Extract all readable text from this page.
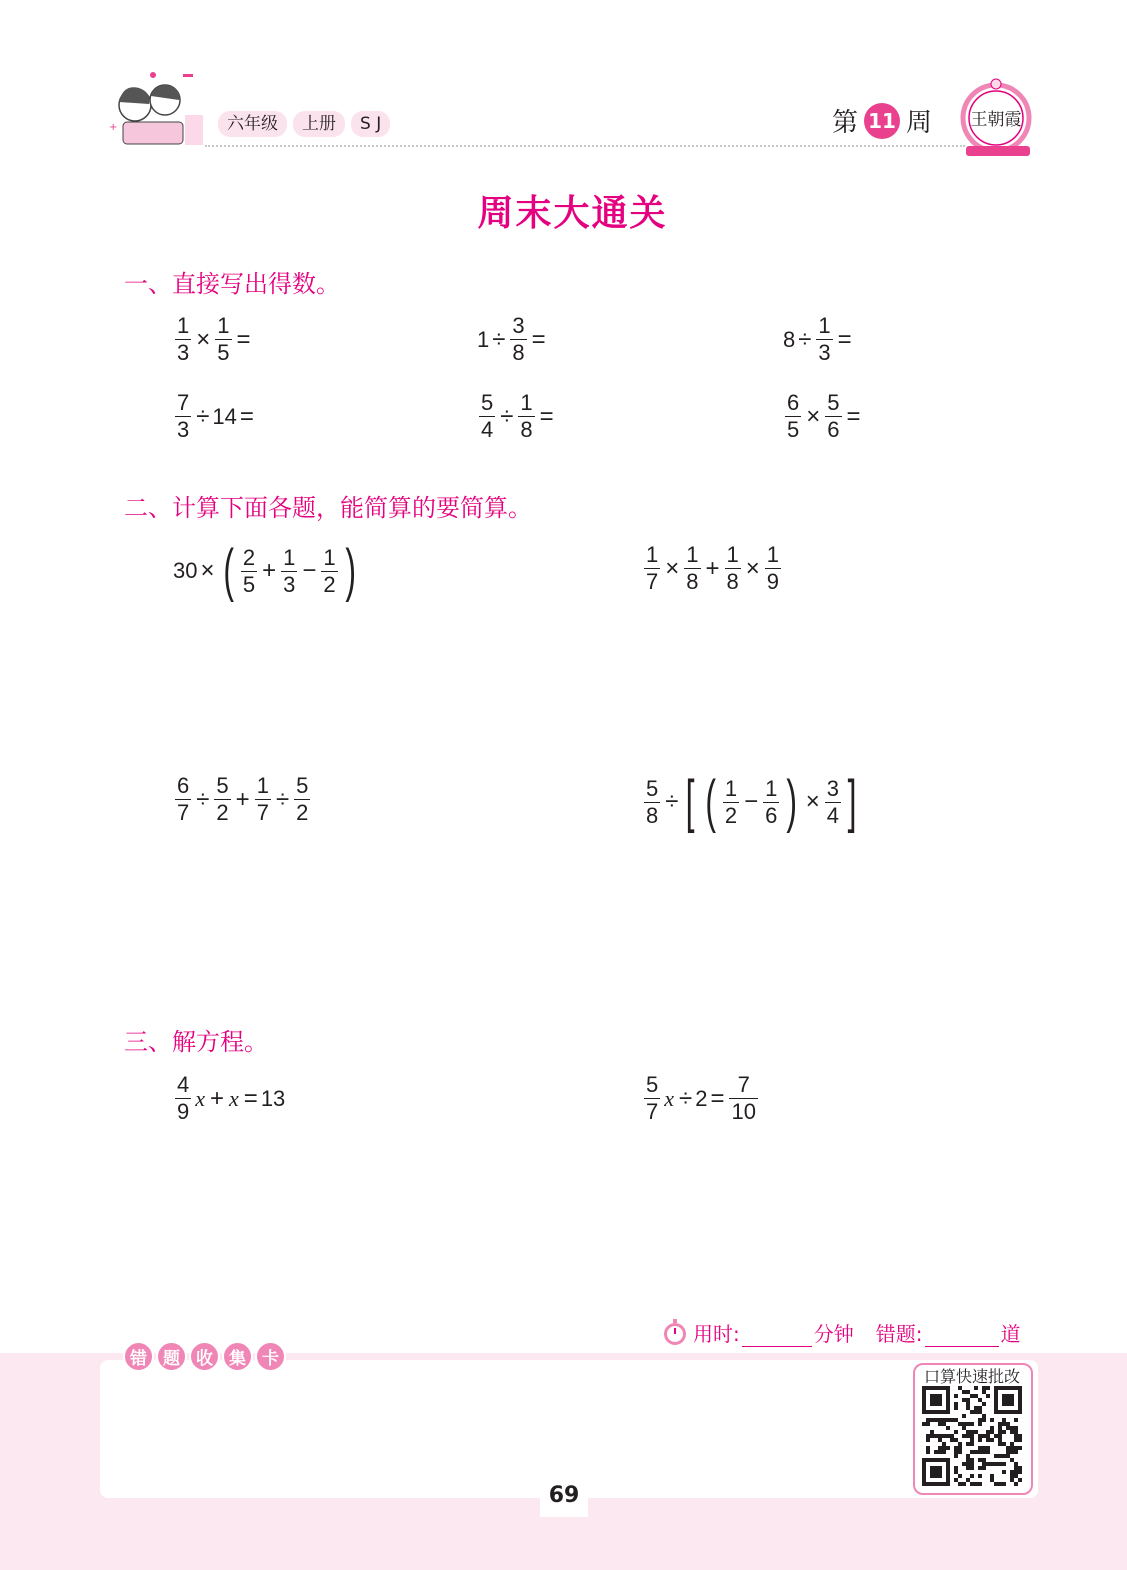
+	六年级	上册	S J	第 11 周 王朝霞
周末大通关
一、直接写出得数。
$\frac{1}{3} \times \frac{1}{5}$ =	$1 \div \frac{3}{8}$ =	$8 \div \frac{1}{3}$ =
$\frac{7}{3} \div 14$ =	$\frac{5}{4} \div \frac{1}{8}$ =	$\frac{6}{5} \times \frac{5}{6}$ =
二、计算下面各题，能简算的要简算。
30 × ( $\frac{2}{5} + \frac{1}{3} - \frac{1}{2}$ )	$\frac{1}{7} \times \frac{1}{8} + \frac{1}{8} \times \frac{1}{9}$
$\frac{6}{7} \div \frac{5}{2} + \frac{1}{7} \div \frac{5}{2}$	$\frac{5}{8}$ ÷ [ ( $\frac{1}{2} - \frac{1}{6}$ ) × $\frac{3}{4}$ ]
三、解方程。
$\frac{4}{9}$ x + x = 13	$\frac{5}{7}$ $x \div 2 = \frac{7}{10}$
用时:	分钟 错题:	道
错 题 收 集 卡
口算快速批改
69
